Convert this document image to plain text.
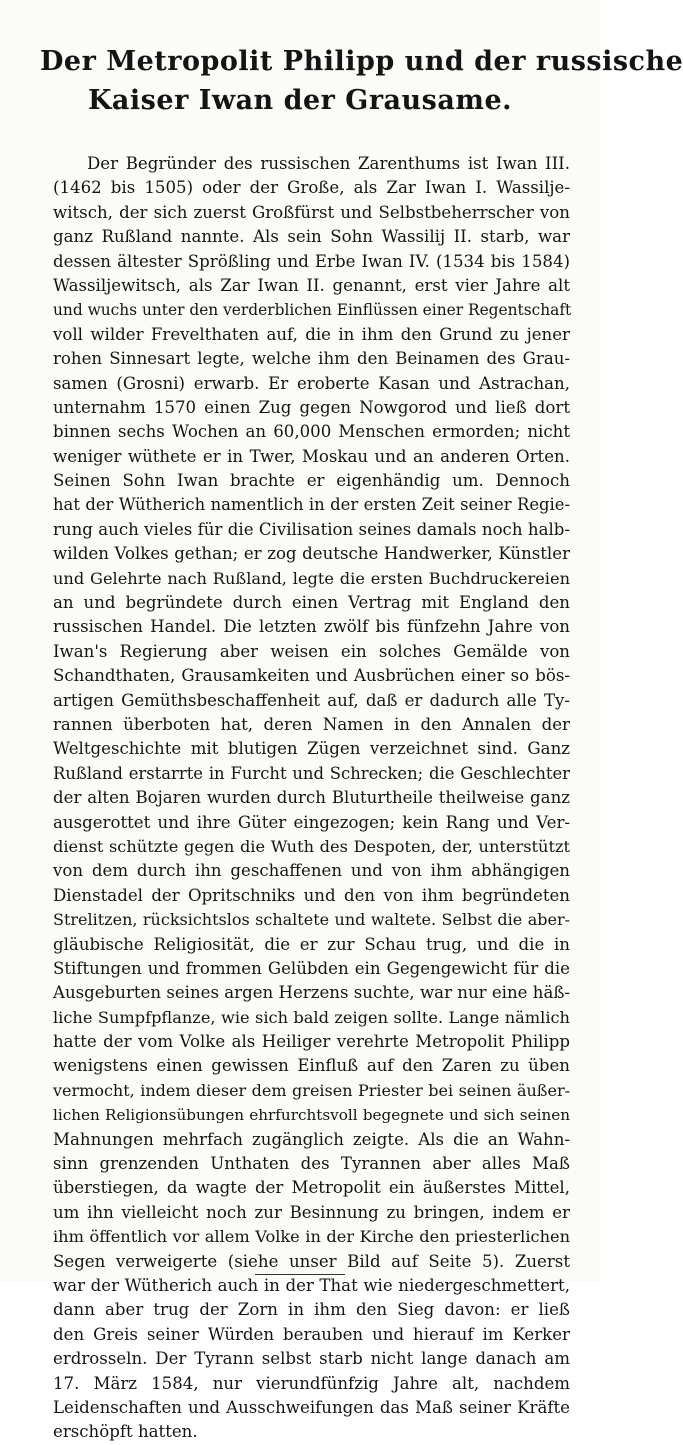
Der Metropolit Philipp und der russische
Kaiser Iwan der Grausame.
Der Begründer des russischen Zarenthums ist Iwan III.
(1462 bis 1505) oder der Große, als Zar Iwan I. Wassilje-
witsch, der sich zuerst Großfürst und Selbstbeherrscher von
ganz Rußland nannte. Als sein Sohn Wassilij II. starb, war
dessen ältester Sprößling und Erbe Iwan IV. (1534 bis 1584)
Wassiljewitsch, als Zar Iwan II. genannt, erst vier Jahre alt
und wuchs unter den verderblichen Einflüssen einer Regentschaft
voll wilder Frevelthaten auf, die in ihm den Grund zu jener
rohen Sinnesart legte, welche ihm den Beinamen des Grau-
samen (Grosni) erwarb. Er eroberte Kasan und Astrachan,
unternahm 1570 einen Zug gegen Nowgorod und ließ dort
binnen sechs Wochen an 60,000 Menschen ermorden; nicht
weniger wüthete er in Twer, Moskau und an anderen Orten.
Seinen Sohn Iwan brachte er eigenhändig um. Dennoch
hat der Wütherich namentlich in der ersten Zeit seiner Regie-
rung auch vieles für die Civilisation seines damals noch halb-
wilden Volkes gethan; er zog deutsche Handwerker, Künstler
und Gelehrte nach Rußland, legte die ersten Buchdruckereien
an und begründete durch einen Vertrag mit England den
russischen Handel. Die letzten zwölf bis fünfzehn Jahre von
Iwan's Regierung aber weisen ein solches Gemälde von
Schandthaten, Grausamkeiten und Ausbrüchen einer so bös-
artigen Gemüthsbeschaffenheit auf, daß er dadurch alle Ty-
rannen überboten hat, deren Namen in den Annalen der
Weltgeschichte mit blutigen Zügen verzeichnet sind. Ganz
Rußland erstarrte in Furcht und Schrecken; die Geschlechter
der alten Bojaren wurden durch Bluturtheile theilweise ganz
ausgerottet und ihre Güter eingezogen; kein Rang und Ver-
dienst schützte gegen die Wuth des Despoten, der, unterstützt
von dem durch ihn geschaffenen und von ihm abhängigen
Dienstadel der Opritschniks und den von ihm begründeten
Strelitzen, rücksichtslos schaltete und waltete. Selbst die aber-
gläubische Religiosität, die er zur Schau trug, und die in
Stiftungen und frommen Gelübden ein Gegengewicht für die
Ausgeburten seines argen Herzens suchte, war nur eine häß-
liche Sumpfpflanze, wie sich bald zeigen sollte. Lange nämlich
hatte der vom Volke als Heiliger verehrte Metropolit Philipp
wenigstens einen gewissen Einfluß auf den Zaren zu üben
vermocht, indem dieser dem greisen Priester bei seinen äußer-
lichen Religionsübungen ehrfurchtsvoll begegnete und sich seinen
Mahnungen mehrfach zugänglich zeigte. Als die an Wahn-
sinn grenzenden Unthaten des Tyrannen aber alles Maß
überstiegen, da wagte der Metropolit ein äußerstes Mittel,
um ihn vielleicht noch zur Besinnung zu bringen, indem er
ihm öffentlich vor allem Volke in der Kirche den priesterlichen
Segen verweigerte (siehe unser Bild auf Seite 5). Zuerst
war der Wütherich auch in der That wie niedergeschmettert,
dann aber trug der Zorn in ihm den Sieg davon: er ließ
den Greis seiner Würden berauben und hierauf im Kerker
erdrosseln. Der Tyrann selbst starb nicht lange danach am
17. März 1584, nur vierundfünfzig Jahre alt, nachdem
Leidenschaften und Ausschweifungen das Maß seiner Kräfte
erschöpft hatten.
